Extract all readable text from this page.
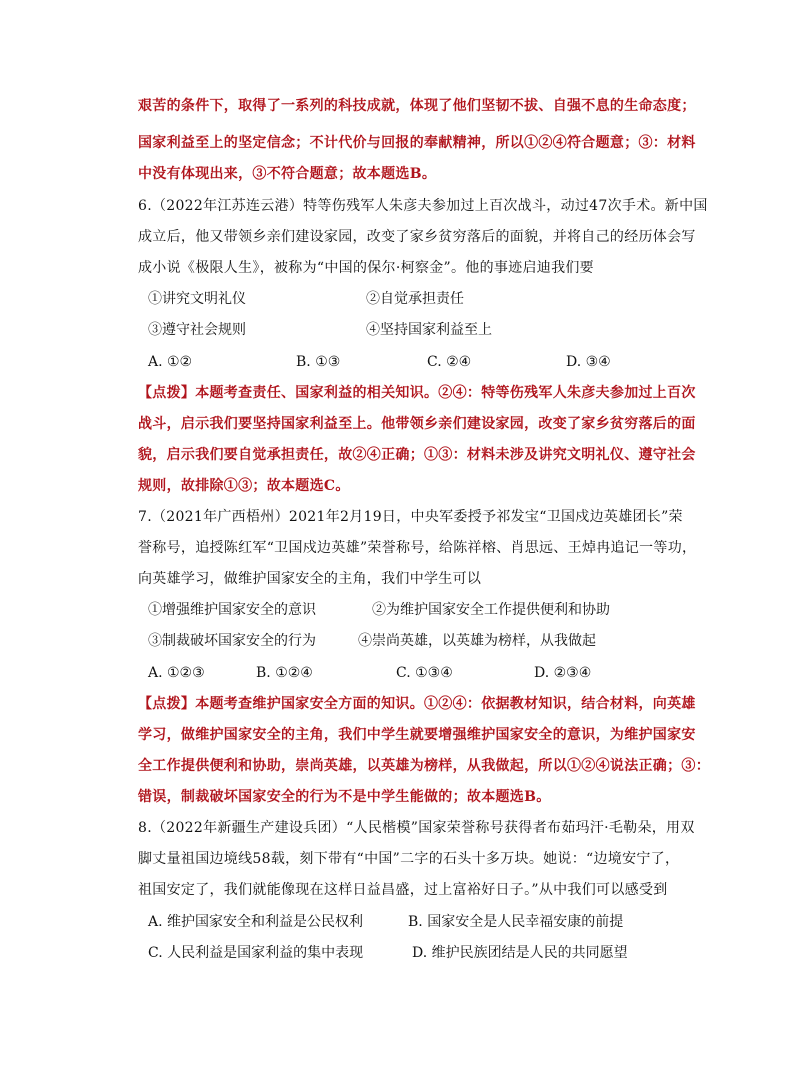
艰苦的条件下，取得了一系列的科技成就，体现了他们坚韧不拔、自强不息的生命态度；
国家利益至上的坚定信念；不计代价与回报的奉献精神，所以①②④符合题意；③：材料
中没有体现出来，③不符合题意；故本题选B。
6.（2022年江苏连云港）特等伤残军人朱彦夫参加过上百次战斗，动过47次手术。新中国
成立后，他又带领乡亲们建设家园，改变了家乡贫穷落后的面貌，并将自己的经历体会写
成小说《极限人生》，被称为“中国的保尔·柯察金”。他的事迹启迪我们要
①讲究文明礼仪	②自觉承担责任
③遵守社会规则	④坚持国家利益至上
A. ①②	B. ①③	C. ②④	D. ③④
【点拨】本题考查责任、国家利益的相关知识。②④：特等伤残军人朱彦夫参加过上百次
战斗，启示我们要坚持国家利益至上。他带领乡亲们建设家园，改变了家乡贫穷落后的面
貌，启示我们要自觉承担责任，故②④正确；①③：材料未涉及讲究文明礼仪、遵守社会
规则，故排除①③；故本题选C。
7.（2021年广西梧州）2021年2月19日，中央军委授予祁发宝“卫国戍边英雄团长”荣
誉称号，追授陈红军“卫国戍边英雄”荣誉称号，给陈祥榕、肖思远、王焯冉追记一等功，
向英雄学习，做维护国家安全的主角，我们中学生可以
①增强维护国家安全的意识	②为维护国家安全工作提供便利和协助
③制裁破坏国家安全的行为	④崇尚英雄，以英雄为榜样，从我做起
A. ①②③	B. ①②④	C. ①③④	D. ②③④
【点拨】本题考查维护国家安全方面的知识。①②④：依据教材知识，结合材料，向英雄
学习，做维护国家安全的主角，我们中学生就要增强维护国家安全的意识，为维护国家安
全工作提供便利和协助，崇尚英雄，以英雄为榜样，从我做起，所以①②④说法正确；③：
错误，制裁破坏国家安全的行为不是中学生能做的；故本题选B。
8.（2022年新疆生产建设兵团）“人民楷模”国家荣誉称号获得者布茹玛汗·毛勒朵，用双
脚丈量祖国边境线58载，刻下带有“中国”二字的石头十多万块。她说：“边境安宁了，
祖国安定了，我们就能像现在这样日益昌盛，过上富裕好日子。”从中我们可以感受到
A. 维护国家安全和利益是公民权利	B. 国家安全是人民幸福安康的前提
C. 人民利益是国家利益的集中表现	D. 维护民族团结是人民的共同愿望
